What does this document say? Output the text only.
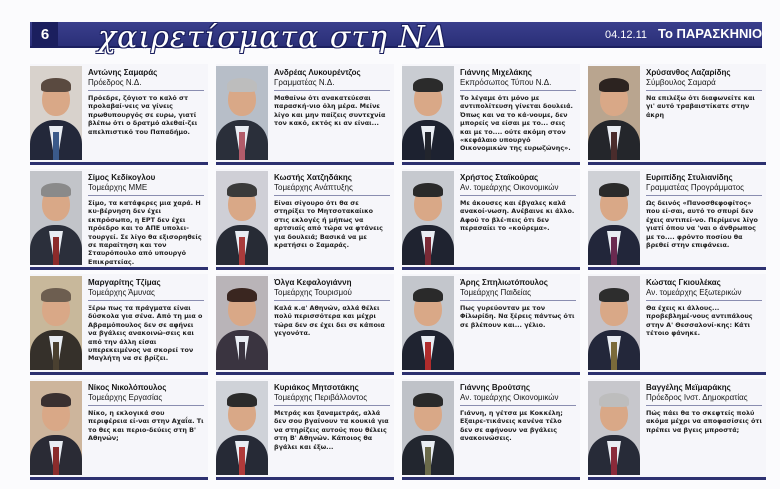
6 χαιρετίσματα στη ΝΔ	04.12.11 Το ΠΑΡΑΣΚΗΝΙΟ
Αντώνης Σαμαράς
Πρόεδρος Ν.Δ.
Πρόεδρε, ζόγιοτ το καλό στ προλαβαί-νεις να γίνεις πρωθυπουργός σε ευρω, γιατί βλέπω ότι ο δρατμό αλεθαί-ζει απελπιστικό του Παπαδήμο.
Ανδρέας Λυκουρέντζος
Γραμματέας Ν.Δ.
Μαθαίνω ότι ανακατεύεσαι παρασκή-νιο όλη μέρα. Μείνε λίγο και μην παίζεις συντεχνία τον κακό, εκτός κι αν είναι...
Γιάννης Μιχελάκης
Εκπρόσωπος Τύπου Ν.Δ.
Το λέγαμε ότι μόνο με αντιπολίτευση γίνεται δουλειά. Όπως και να το κά-νουμε, δεν μπορείς να είσαι με το... σεις και με το.... ούτε ακόμη στον «κεφάλαιο υπουργό Οικονομικών της ευρωζώνης».
Χρύσανθος Λαζαρίδης
Σύμβουλος Σαμαρά
Να επιλέξω ότι διαφωνείτε και γι' αυτό τραβαιστίκατε στην άκρη
Σίμος Κεδίκογλου
Τομεάρχης ΜΜΕ
Σίμο, τα κατάφερες μια χαρά. Η κυ-βέρνηση δεν έχει εκπρόσωπο, η ΕΡΤ δεν έχει πρόεδρο και το ΑΠΕ υπολει-τουργεί. Σε λίγο θα εξισορηθείς σε παραίτηση και τον Σταυρόπουλο από υπουργό Επικρατείας.
Κωστής Χατζηδάκης
Τομεάρχης Ανάπτυξης
Είναι σίγουρο ότι θα σε στηρίξει το Μητσοτακαίικο στις εκλογές ή μήπως να αρτσιαίς από τώρα να φτάνεις για δουλειά; Βασικά να με κρατήσει ο Σαμαράς.
Χρήστος Σταϊκούρας
Αν. τομεάρχης Οικονομικών
Με άκουσες και έβγαλες καλά ανακοί-νωση. Ανέβαινε κι άλλο. Αφού το βλέ-πεις ότι δεν περασαίει το «κούρεμα».
Ευριπίδης Στυλιανίδης
Γραμματέας Προγράμματος
Ως δεινός «Πανοσθεφοφίτος» που εί-σαι, αυτό το σπυρί δεν έχεις αντιπεί-νο. Περίμενε λίγο γιατί όπου να 'ναι ο άνθρωπος με το.... φρόντο ποσίου θα βρεθεί στην επιφάνεια.
Μαργαρίτης Τζίμας
Τομεάρχης Άμυνας
Ξέρω πως τα πράγματα είναι δύσκολα για σένα. Από τη μια ο Αβραμόπουλος δεν σε αφήνει να βγάλεις ανακοινώ-σεις και από την άλλη είσαι υπερεκειμένος να σκορεί τον Μαγλήτη να σε βρίζει.
Όλγα Κεφαλογιάννη
Τομεάρχης Τουρισμού
Καλά κ.α' Αθηνών, αλλά θέλει πολύ περισσότερα και μέχρι τώρα δεν σε έχει δει σε κάποια γεγονότα.
Άρης Σπηλιωτόπουλος
Τομεάρχης Παιδείας
Πως γυρεύονταν με τον Φίλωρίδη. Να ξέρεις πάντως ότι σε βλέπουν και... γέλιο.
Κώστας Γκιουλέκας
Αν. τομεάρχης Εξωτερικών
Θα έχεις κι άλλους... προβεβλημέ-νους αντιπάλους στην Α' Θεσσαλονί-κης: Κάτι τέτοιο φάνηκε.
Νίκος Νικολόπουλος
Τομεάρχης Εργασίας
Νίκο, η εκλογικά σου περιφέρεια εί-ναι στην Αχαΐα. Τι το θες και περιο-δεύεις στη Β' Αθηνών;
Κυριάκος Μητσοτάκης
Τομεάρχης Περιβάλλοντος
Μετράς και ξαναμετράς, αλλά δεν σου βγαίνουν τα κουκιά για να στηρίζεις αυτούς που θέλεις στη Β' Αθηνών. Κάποιος θα βγάλει και έξω...
Γιάννης Βρούτσης
Αν. τομεάρχης Οικονομικών
Γιάννη, η γέτσα με Κοκκέλη; Εξαιρε-τικάνεις κανένα τέλο δεν σε αφήνουν να βγάλεις ανακοινώσεις.
Βαγγέλης Μεϊμαράκης
Πρόεδρος Ινστ. Δημοκρατίας
Πώς πάει θα το σκεφτείς πολύ ακόμα μέχρι να αποφασίσεις ότι πρέπει να βγεις μπροστά;
